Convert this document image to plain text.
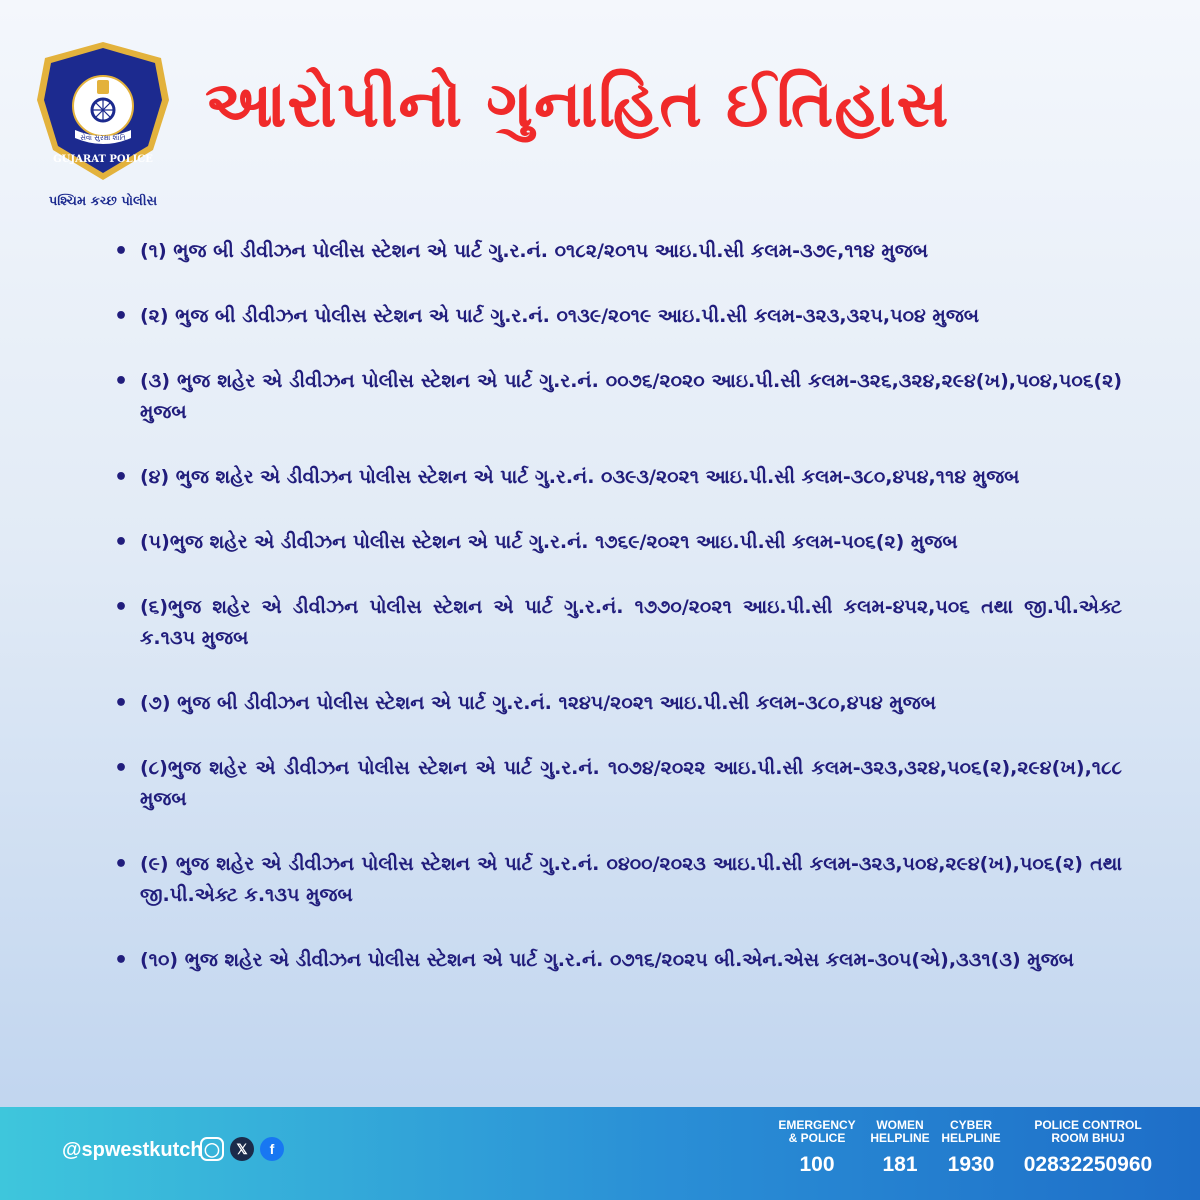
સેવા સુરક્ષા શાંતિ
GUJARAT POLICE
પશ્ચિમ કચ્છ પોલીસ
આરોપીનો ગુનાહિત ઈતિહાસ
• (૧) ભુજ બી ડીવીઝન પોલીસ સ્ટેશન એ પાર્ટ ગુ.ર.નં. ૦૧૮૨/૨૦૧૫ આઇ.પી.સી કલમ-૩૭૯,૧૧૪ મુજબ
• (૨) ભુજ બી ડીવીઝન પોલીસ સ્ટેશન એ પાર્ટ ગુ.ર.નં. ૦૧૩૯/૨૦૧૯ આઇ.પી.સી કલમ-૩૨૩,૩૨૫,૫૦૪ મુજબ
• (૩) ભુજ શહેર એ ડીવીઝન પોલીસ સ્ટેશન એ પાર્ટ ગુ.ર.નં. ૦૦૭૬/૨૦૨૦ આઇ.પી.સી કલમ-૩૨૬,૩૨૪,૨૯૪(ખ),૫૦૪,૫૦૬(૨) મુજબ
• (૪) ભુજ શહેર એ ડીવીઝન પોલીસ સ્ટેશન એ પાર્ટ ગુ.ર.નં. ૦૩૯૩/૨૦૨૧ આઇ.પી.સી કલમ-૩૮૦,૪૫૪,૧૧૪ મુજબ
• (૫)ભુજ શહેર એ ડીવીઝન પોલીસ સ્ટેશન એ પાર્ટ ગુ.ર.નં. ૧૭૬૯/૨૦૨૧ આઇ.પી.સી કલમ-૫૦૬(૨) મુજબ
• (૬)ભુજ શહેર એ ડીવીઝન પોલીસ સ્ટેશન એ પાર્ટ ગુ.ર.નં. ૧૭૭૦/૨૦૨૧ આઇ.પી.સી કલમ-૪૫૨,૫૦૬ તથા જી.પી.એક્ટ ક.૧૩૫ મુજબ
• (૭) ભુજ બી ડીવીઝન પોલીસ સ્ટેશન એ પાર્ટ ગુ.ર.નં. ૧૨૪૫/૨૦૨૧ આઇ.પી.સી કલમ-૩૮૦,૪૫૪ મુજબ
• (૮)ભુજ શહેર એ ડીવીઝન પોલીસ સ્ટેશન એ પાર્ટ ગુ.ર.નં. ૧૦૭૪/૨૦૨૨ આઇ.પી.સી કલમ-૩૨૩,૩૨૪,૫૦૬(૨),૨૯૪(ખ),૧૮૮ મુજબ
• (૯) ભુજ શહેર એ ડીવીઝન પોલીસ સ્ટેશન એ પાર્ટ ગુ.ર.નં. ૦૪૦૦/૨૦૨૩ આઇ.પી.સી કલમ-૩૨૩,૫૦૪,૨૯૪(ખ),૫૦૬(૨) તથા જી.પી.એક્ટ ક.૧૩૫ મુજબ
• (૧૦) ભુજ શહેર એ ડીવીઝન પોલીસ સ્ટેશન એ પાર્ટ ગુ.ર.નં. ૦૭૧૬/૨૦૨૫ બી.એન.એસ કલમ-૩૦૫(એ),૩૩૧(૩) મુજબ
@spwestkutch ◯	𝕏	f
EMERGENCY
& POLICE
100
WOMEN
HELPLINE
181
CYBER
HELPLINE
1930
POLICE CONTROL
ROOM BHUJ
02832250960
